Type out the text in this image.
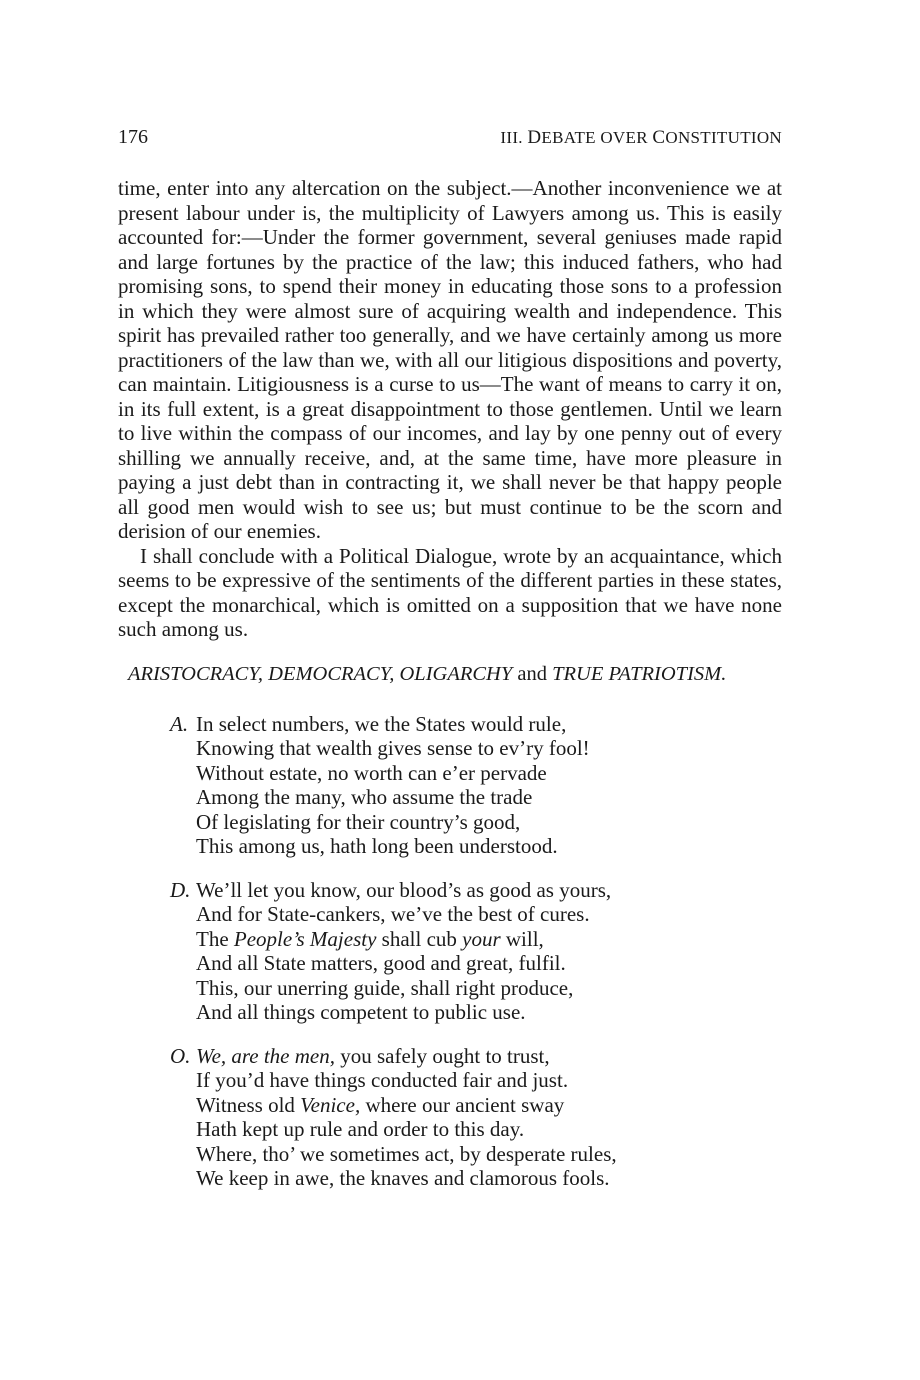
176	III. DEBATE OVER CONSTITUTION

time, enter into any altercation on the subject.—Another inconvenience we at present labour under is, the multiplicity of Lawyers among us. This is easily accounted for:—Under the former government, several geniuses made rapid and large fortunes by the practice of the law; this induced fathers, who had promising sons, to spend their money in educating those sons to a profession in which they were almost sure of acquiring wealth and independence. This spirit has prevailed rather too generally, and we have certainly among us more practitioners of the law than we, with all our litigious dispositions and poverty, can maintain. Litigiousness is a curse to us—The want of means to carry it on, in its full extent, is a great disappointment to those gentlemen. Until we learn to live within the compass of our incomes, and lay by one penny out of every shilling we annually receive, and, at the same time, have more pleasure in paying a just debt than in contracting it, we shall never be that happy people all good men would wish to see us; but must continue to be the scorn and derision of our enemies.

I shall conclude with a Political Dialogue, wrote by an acquaintance, which seems to be expressive of the sentiments of the different parties in these states, except the monarchical, which is omitted on a supposition that we have none such among us.

ARISTOCRACY, DEMOCRACY, OLIGARCHY and TRUE PATRIOTISM.
A. In select numbers, we the States would rule,
Knowing that wealth gives sense to ev’ry fool!
Without estate, no worth can e’er pervade
Among the many, who assume the trade
Of legislating for their country’s good,
This among us, hath long been understood.
D. We’ll let you know, our blood’s as good as yours,
And for State-cankers, we’ve the best of cures.
The People’s Majesty shall cub your will,
And all State matters, good and great, fulfil.
This, our unerring guide, shall right produce,
And all things competent to public use.
O. We, are the men, you safely ought to trust,
If you’d have things conducted fair and just.
Witness old Venice, where our ancient sway
Hath kept up rule and order to this day.
Where, tho’ we sometimes act, by desperate rules,
We keep in awe, the knaves and clamorous fools.
